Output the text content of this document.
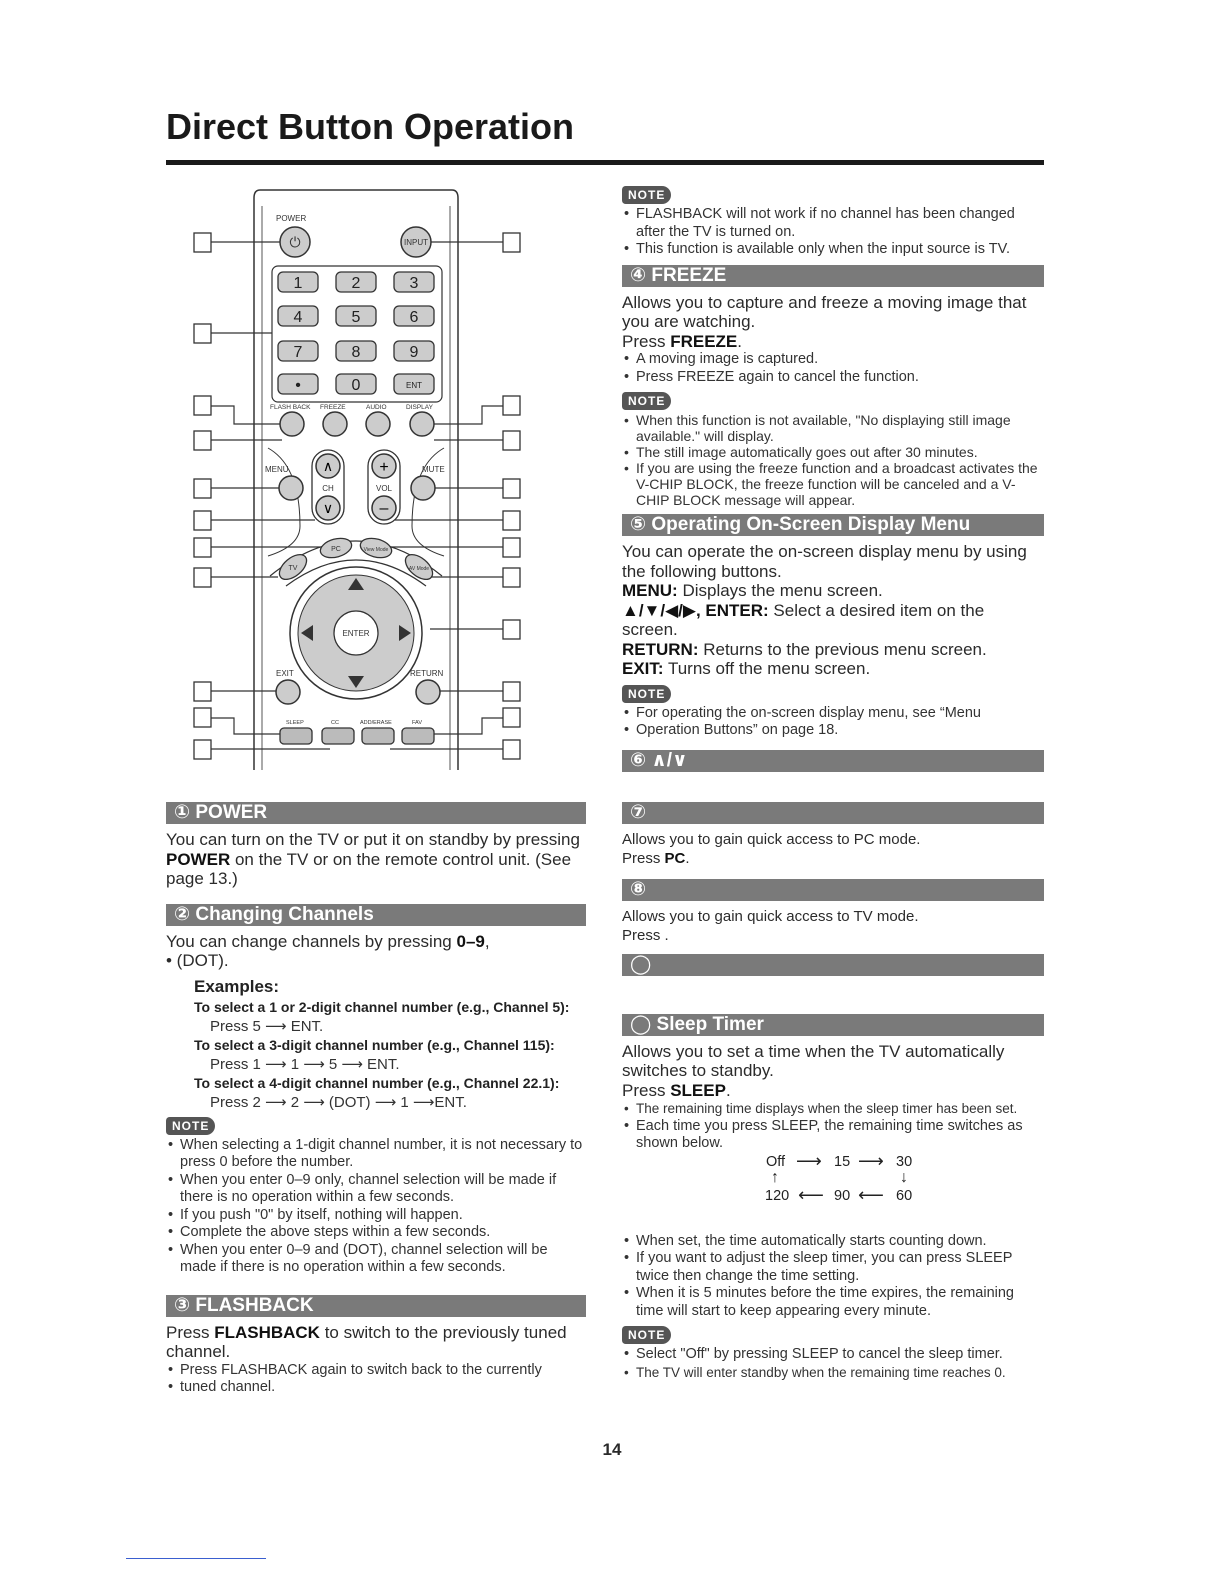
Direct Button Operation
POWER
⏻	INPUT
1	2	3
4	5	6
7	8	9
•	0	ENT
FLASH BACK FREEZE	AUDIO	DISPLAY
MENU	MUTE
∧
∨
+
–
CH	VOL
TV
PC	View Mode
AV Mode
ENTER
EXIT	RETURN
SLEEP	CC	ADD/ERASE	FAV
① POWER

You can turn on the TV or put it on standby by pressing POWER on the TV or on the remote control unit. (See page 13.)

② Changing Channels

You can change channels by pressing 0–9,
• (DOT).

Examples:
To select a 1 or 2-digit channel number (e.g., Channel 5):
Press 5 ⟶ ENT.
To select a 3-digit channel number (e.g., Channel 115):
Press 1 ⟶ 1 ⟶ 5 ⟶ ENT.
To select a 4-digit channel number (e.g., Channel 22.1):
Press 2 ⟶ 2 ⟶ (DOT) ⟶ 1 ⟶ENT.
NOTE

• When selecting a 1-digit channel number, it is not necessary to press 0 before the number.

• When you enter 0–9 only, channel selection will be made if there is no operation within a few seconds.

• If you push "0" by itself, nothing will happen.

• Complete the above steps within a few seconds.

• When you enter 0–9 and (DOT), channel selection will be made if there is no operation within a few seconds.

③ FLASHBACK

Press FLASHBACK to switch to the previously tuned channel.

• Press FLASHBACK again to switch back to the currently

• tuned channel.

NOTE

• FLASHBACK will not work if no channel has been changed after the TV is turned on.

• This function is available only when the input source is TV.

④ FREEZE

Allows you to capture and freeze a moving image that you are watching.

Press FREEZE.

• A moving image is captured.

• Press FREEZE again to cancel the function.

NOTE

• When this function is not available, "No displaying still image available." will display.

• The still image automatically goes out after 30 minutes.

• If you are using the freeze function and a broadcast activates the V-CHIP BLOCK, the freeze function will be canceled and a V-CHIP BLOCK message will appear.

⑤ Operating On-Screen Display Menu

You can operate the on-screen display menu by using the following buttons.

MENU: Displays the menu screen.

▲/▼/◀/▶, ENTER: Select a desired item on the screen.

RETURN: Returns to the previous menu screen.

EXIT: Turns off the menu screen.

NOTE

• For operating the on-screen display menu, see “Menu

• Operation Buttons” on page 18.

⑥ ∧/∨
⑦

Allows you to gain quick access to PC mode.

Press PC.

⑧

Allows you to gain quick access to TV mode.

Press .

◯
◯ Sleep Timer

Allows you to set a time when the TV automatically switches to standby.

Press SLEEP.

• The remaining time displays when the sleep timer has been set.

• Each time you press SLEEP, the remaining time switches as shown below.

• When set, the time automatically starts counting down.

• If you want to adjust the sleep timer, you can press SLEEP twice then change the time setting.

• When it is 5 minutes before the time expires, the remaining time will start to keep appearing every minute.

NOTE

• Select "Off" by pressing SLEEP to cancel the sleep timer.

• The TV will enter standby when the remaining time reaches 0.

Off ⟶ 15 ⟶ 30
↑	↓
120 ⟵ 90 ⟵ 60
14
